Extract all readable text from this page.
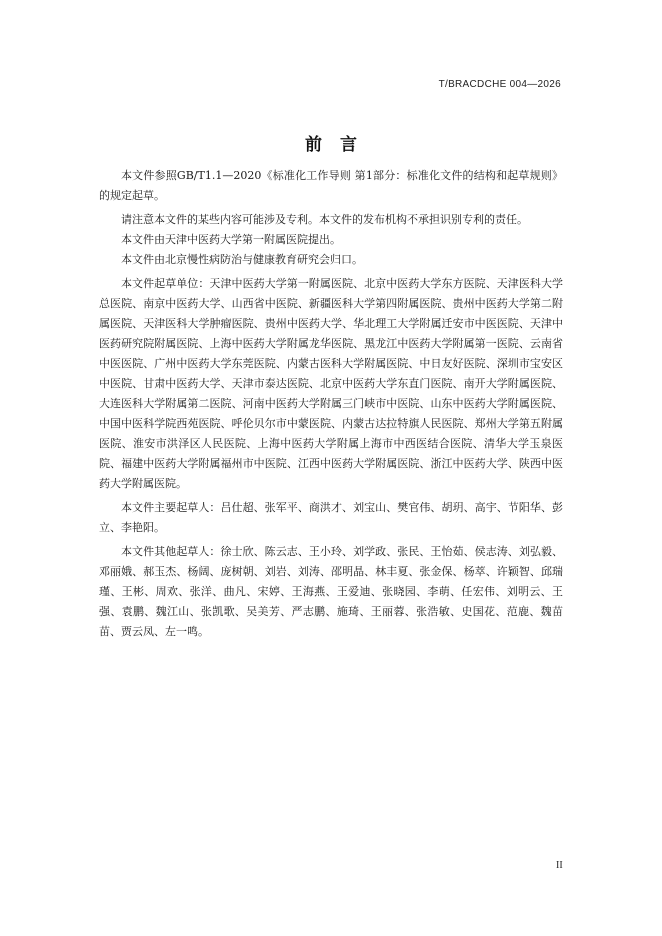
T/BRACDCHE 004—2026
前言

本文件参照GB/T1.1—2020《标准化工作导则 第1部分：标准化文件的结构和起草规则》的规定起草。

请注意本文件的某些内容可能涉及专利。本文件的发布机构不承担识别专利的责任。

本文件由天津中医药大学第一附属医院提出。

本文件由北京慢性病防治与健康教育研究会归口。

本文件起草单位：天津中医药大学第一附属医院、北京中医药大学东方医院、天津医科大学总医院、南京中医药大学、山西省中医院、新疆医科大学第四附属医院、贵州中医药大学第二附属医院、天津医科大学肿瘤医院、贵州中医药大学、华北理工大学附属迁安市中医医院、天津中医药研究院附属医院、上海中医药大学附属龙华医院、黑龙江中医药大学附属第一医院、云南省中医医院、广州中医药大学东莞医院、内蒙古医科大学附属医院、中日友好医院、深圳市宝安区中医院、甘肃中医药大学、天津市泰达医院、北京中医药大学东直门医院、南开大学附属医院、大连医科大学附属第二医院、河南中医药大学附属三门峡市中医院、山东中医药大学附属医院、中国中医科学院西苑医院、呼伦贝尔市中蒙医院、内蒙古达拉特旗人民医院、郑州大学第五附属医院、淮安市洪泽区人民医院、上海中医药大学附属上海市中西医结合医院、清华大学玉泉医院、福建中医药大学附属福州市中医院、江西中医药大学附属医院、浙江中医药大学、陕西中医药大学附属医院。

本文件主要起草人：吕仕超、张军平、商洪才、刘宝山、樊官伟、胡玥、高宇、节阳华、彭立、李艳阳。

本文件其他起草人：徐士欣、陈云志、王小玲、刘学政、张民、王怡茹、侯志涛、刘弘毅、邓丽娥、郝玉杰、杨阔、庞树朝、刘岩、刘涛、邵明晶、林丰夏、张金保、杨萃、许颖智、邱瑞瑾、王彬、周欢、张洋、曲凡、宋婷、王海燕、王爱迪、张晓园、李萌、任宏伟、刘明云、王强、袁鹏、魏江山、张凯歌、吴美芳、严志鹏、施琦、王丽蓉、张浩敏、史国花、范鹿、魏苗苗、贾云凤、左一鸣。

II
